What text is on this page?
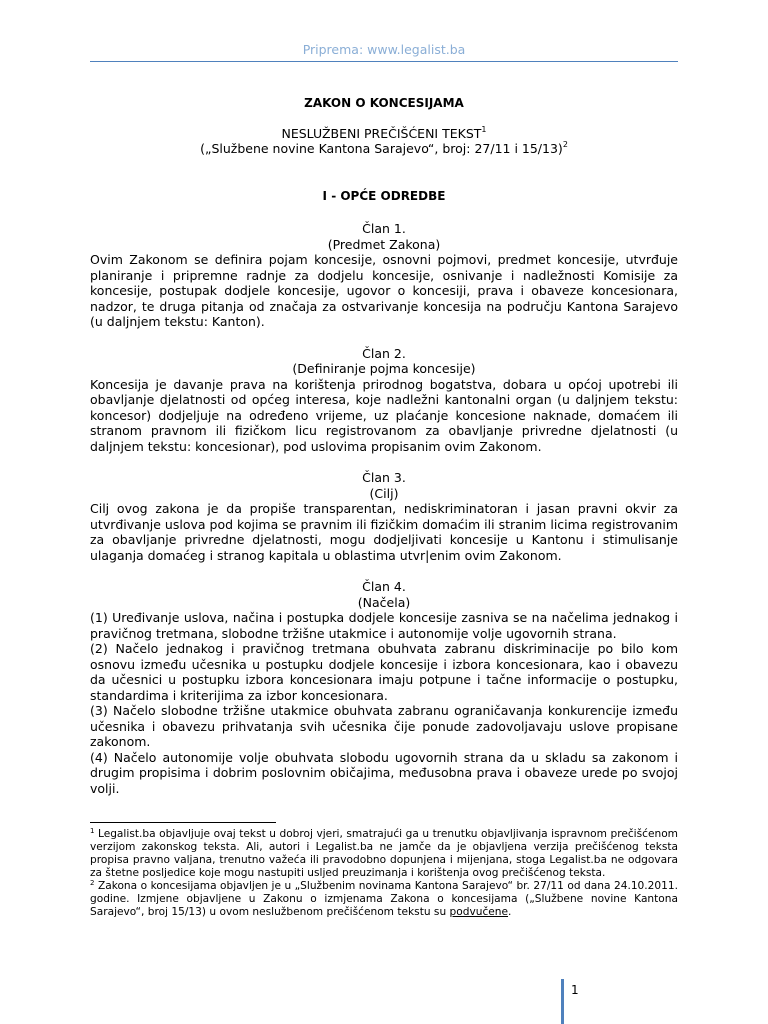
Priprema: www.legalist.ba

ZAKON O KONCESIJAMA

NESLUŽBENI PREČIŠĆENI TEKST$^1$

(„Službene novine Kantona Sarajevo“, broj: 27/11 i 15/13)$^2$

I - OPĆE ODREDBE

Član 1.

(Predmet Zakona)

Ovim Zakonom se definira pojam koncesije, osnovni pojmovi, predmet koncesije, utvrđuje planiranje i pripremne radnje za dodjelu koncesije, osnivanje i nadležnosti Komisije za koncesije, postupak dodjele koncesije, ugovor o koncesiji, prava i obaveze koncesionara, nadzor, te druga pitanja od značaja za ostvarivanje koncesija na području Kantona Sarajevo (u daljnjem tekstu: Kanton).

Član 2.

(Definiranje pojma koncesije)

Koncesija je davanje prava na korištenja prirodnog bogatstva, dobara u općoj upotrebi ili obavljanje djelatnosti od općeg interesa, koje nadležni kantonalni organ (u daljnjem tekstu: koncesor) dodjeljuje na određeno vrijeme, uz plaćanje koncesione naknade, domaćem ili stranom pravnom ili fizičkom licu registrovanom za obavljanje privredne djelatnosti (u daljnjem tekstu: koncesionar), pod uslovima propisanim ovim Zakonom.

Član 3.

(Cilj)

Cilj ovog zakona je da propiše transparentan, nediskriminatoran i jasan pravni okvir za utvrđivanje uslova pod kojima se pravnim ili fizičkim domaćim ili stranim licima registrovanim za obavljanje privredne djelatnosti, mogu dodjeljivati koncesije u Kantonu i stimulisanje ulaganja domaćeg i stranog kapitala u oblastima utvr|enim ovim Zakonom.

Član 4.

(Načela)

(1) Uređivanje uslova, načina i postupka dodjele koncesije zasniva se na načelima jednakog i pravičnog tretmana, slobodne tržišne utakmice i autonomije volje ugovornih strana.

(2) Načelo jednakog i pravičnog tretmana obuhvata zabranu diskriminacije po bilo kom osnovu između učesnika u postupku dodjele koncesije i izbora koncesionara, kao i obavezu da učesnici u postupku izbora koncesionara imaju potpune i tačne informacije o postupku, standardima i kriterijima za izbor koncesionara.

(3) Načelo slobodne tržišne utakmice obuhvata zabranu ograničavanja konkurencije između učesnika i obavezu prihvatanja svih učesnika čije ponude zadovoljavaju uslove propisane zakonom.

(4) Načelo autonomije volje obuhvata slobodu ugovornih strana da u skladu sa zakonom i drugim propisima i dobrim poslovnim običajima, međusobna prava i obaveze urede po svojoj volji.

$^1$ Legalist.ba objavljuje ovaj tekst u dobroj vjeri, smatrajući ga u trenutku objavljivanja ispravnom prečišćenom verzijom zakonskog teksta. Ali, autori i Legalist.ba ne jamče da je objavljena verzija prečišćenog teksta propisa pravno valjana, trenutno važeća ili pravodobno dopunjena i mijenjana, stoga Legalist.ba ne odgovara za štetne posljedice koje mogu nastupiti usljed preuzimanja i korištenja ovog prečišćenog teksta.

$^2$ Zakona o koncesijama objavljen je u „Službenim novinama Kantona Sarajevo“ br. 27/11 od dana 24.10.2011. godine. Izmjene objavljene u Zakonu o izmjenama Zakona o koncesijama („Službene novine Kantona Sarajevo“, broj 15/13) u ovom neslužbenom prečišćenom tekstu su podvučene.

1
